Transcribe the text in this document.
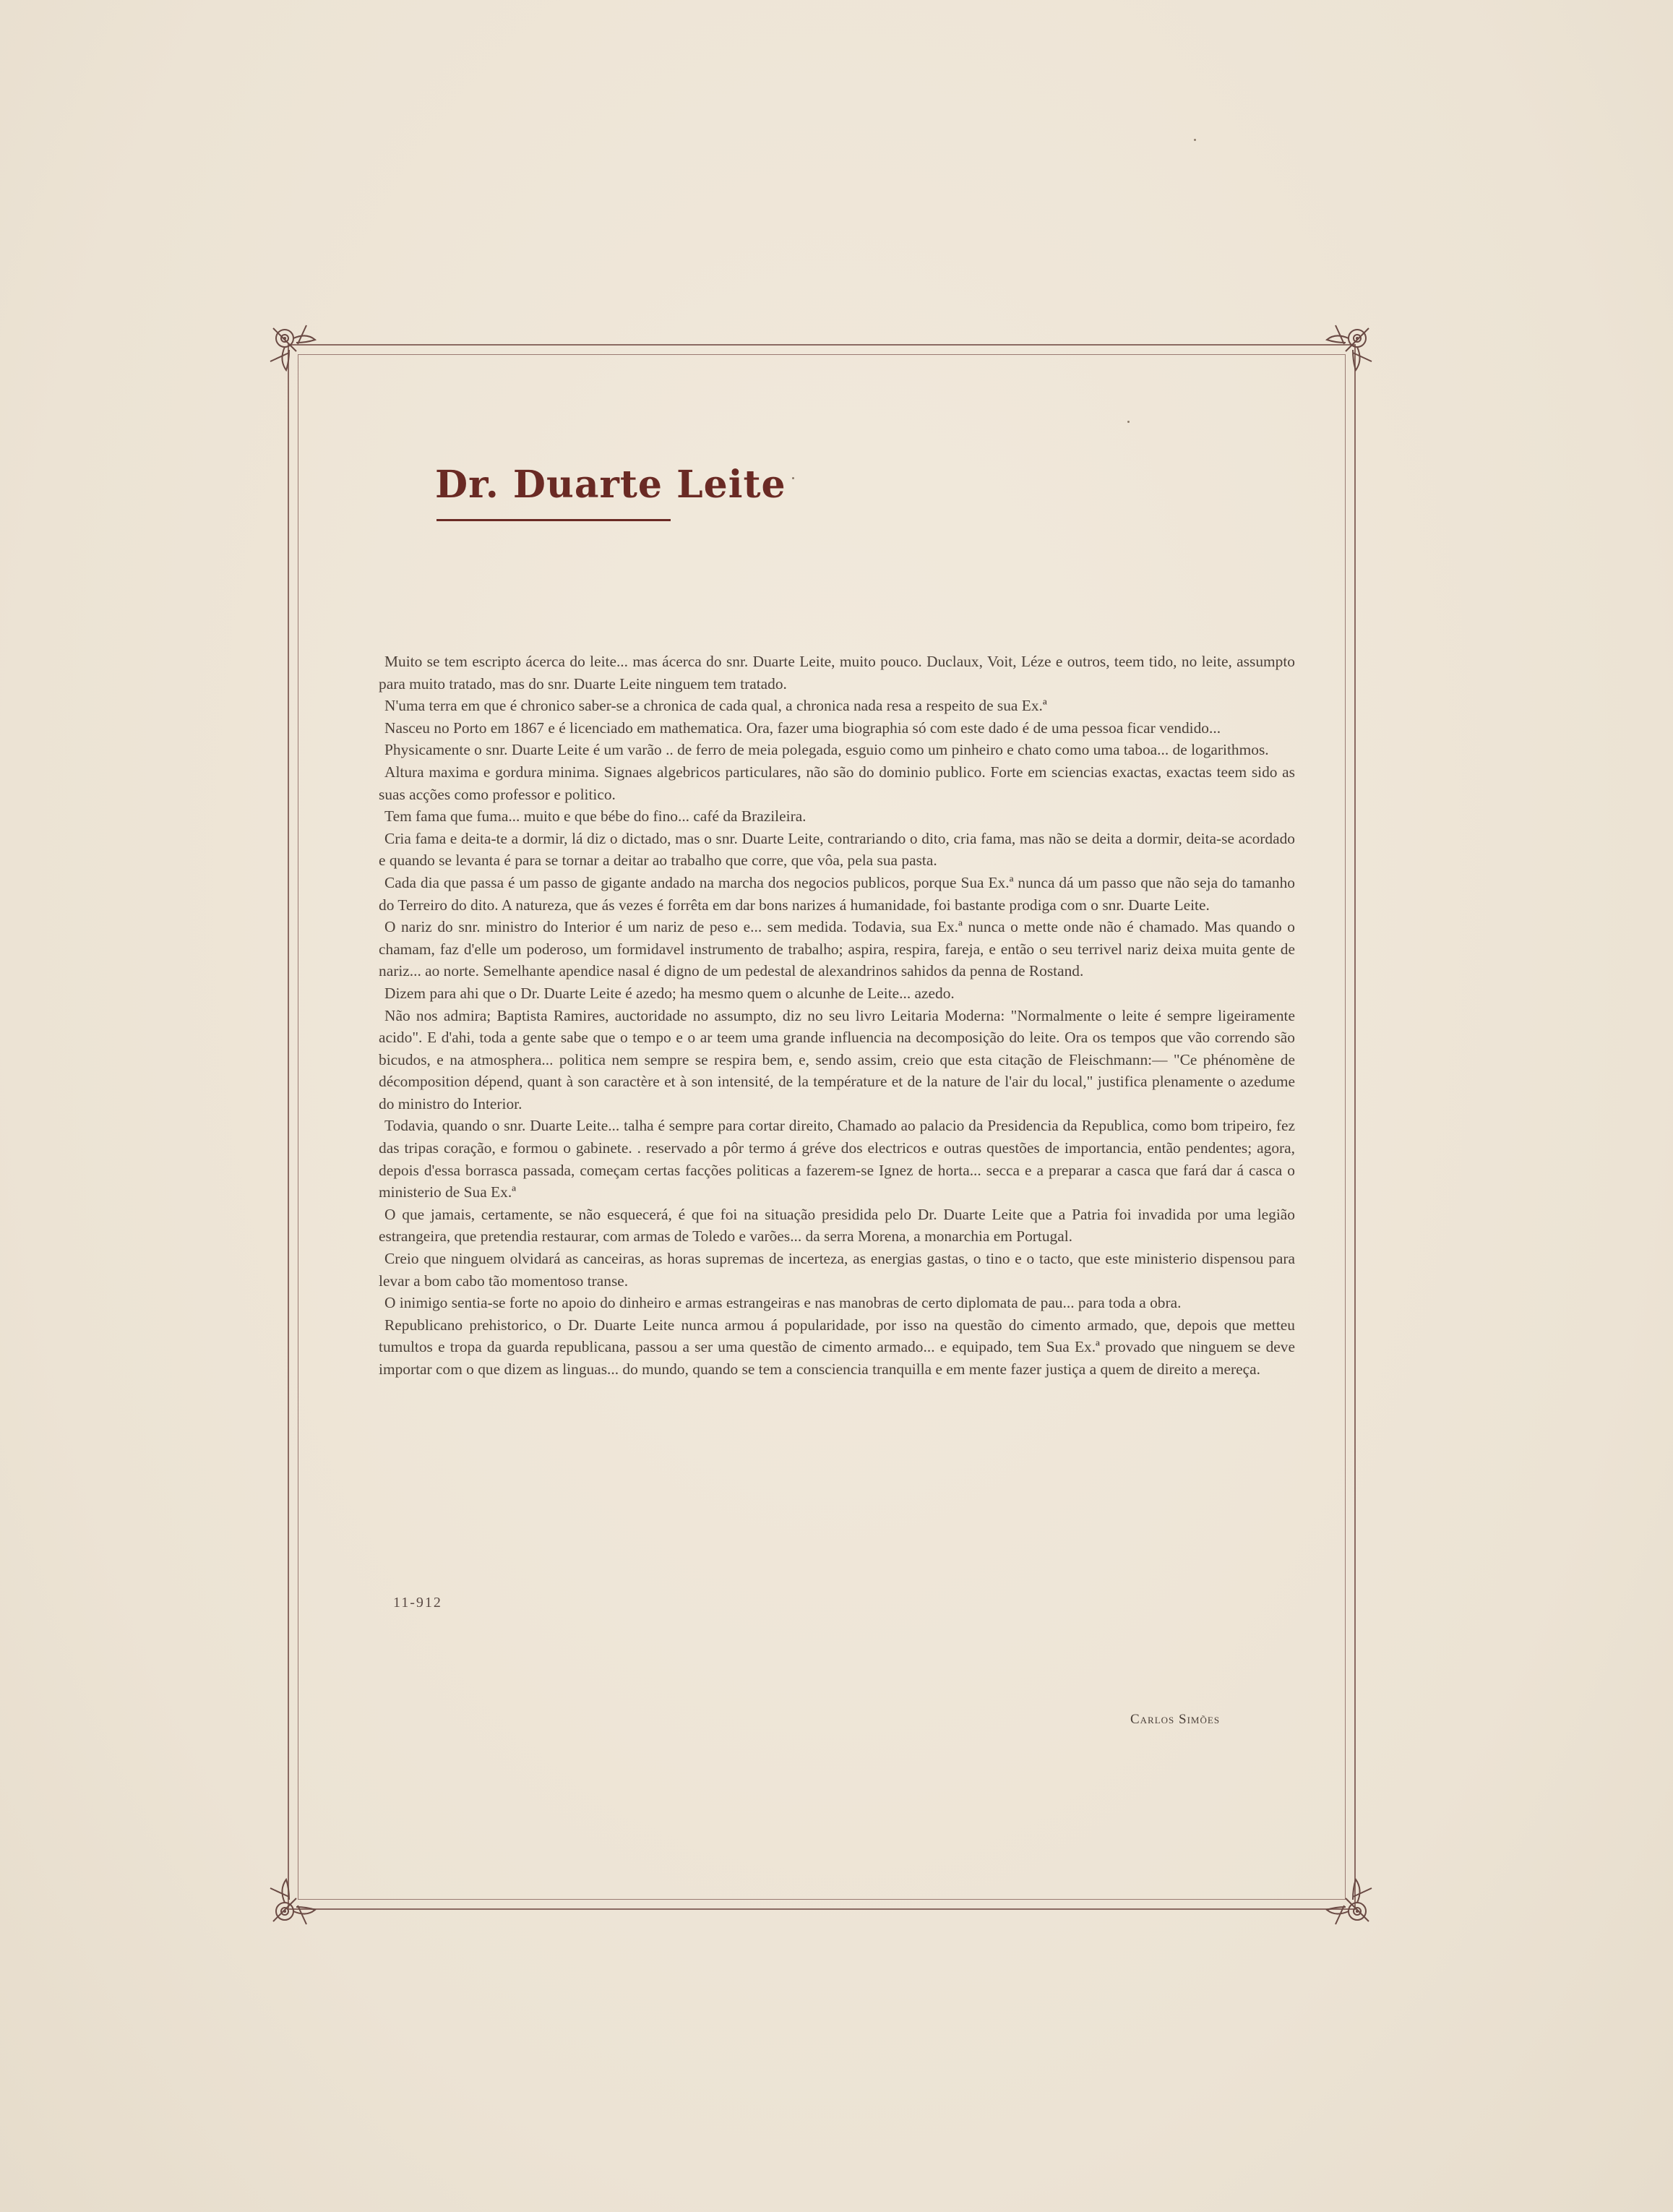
Dr. Duarte Leite

Muito se tem escripto ácerca do leite... mas ácerca do snr. Duarte Leite, muito pouco. Duclaux, Voit, Léze e outros, teem tido, no leite, assumpto para muito tratado, mas do snr. Duarte Leite ninguem tem tratado.

N'uma terra em que é chronico saber-se a chronica de cada qual, a chronica nada resa a respeito de sua Ex.ª

Nasceu no Porto em 1867 e é licenciado em mathematica. Ora, fazer uma biographia só com este dado é de uma pessoa ficar vendido...

Physicamente o snr. Duarte Leite é um varão .. de ferro de meia polegada, esguio como um pinheiro e chato como uma taboa... de logarithmos.

Altura maxima e gordura minima. Signaes algebricos particulares, não são do dominio publico. Forte em sciencias exactas, exactas teem sido as suas acções como professor e politico.

Tem fama que fuma... muito e que bébe do fino... café da Brazileira.

Cria fama e deita-te a dormir, lá diz o dictado, mas o snr. Duarte Leite, contrariando o dito, cria fama, mas não se deita a dormir, deita-se acordado e quando se levanta é para se tornar a deitar ao trabalho que corre, que vôa, pela sua pasta.

Cada dia que passa é um passo de gigante andado na marcha dos negocios publicos, porque Sua Ex.ª nunca dá um passo que não seja do tamanho do Terreiro do dito. A natureza, que ás vezes é forrêta em dar bons narizes á humanidade, foi bastante prodiga com o snr. Duarte Leite.

O nariz do snr. ministro do Interior é um nariz de peso e... sem medida. Todavia, sua Ex.ª nunca o mette onde não é chamado. Mas quando o chamam, faz d'elle um poderoso, um formidavel instrumento de trabalho; aspira, respira, fareja, e então o seu terrivel nariz deixa muita gente de nariz... ao norte. Semelhante apendice nasal é digno de um pedestal de alexandrinos sahidos da penna de Rostand.

Dizem para ahi que o Dr. Duarte Leite é azedo; ha mesmo quem o alcunhe de Leite... azedo.

Não nos admira; Baptista Ramires, auctoridade no assumpto, diz no seu livro Leitaria Moderna: "Normalmente o leite é sempre ligeiramente acido". E d'ahi, toda a gente sabe que o tempo e o ar teem uma grande influencia na decomposição do leite. Ora os tempos que vão correndo são bicudos, e na atmosphera... politica nem sempre se respira bem, e, sendo assim, creio que esta citação de Fleischmann:— "Ce phénomène de décomposition dépend, quant à son caractère et à son intensité, de la température et de la nature de l'air du local," justifica plenamente o azedume do ministro do Interior.

Todavia, quando o snr. Duarte Leite... talha é sempre para cortar direito, Chamado ao palacio da Presidencia da Republica, como bom tripeiro, fez das tripas coração, e formou o gabinete. . reservado a pôr termo á gréve dos electricos e outras questões de importancia, então pendentes; agora, depois d'essa borrasca passada, começam certas facções politicas a fazerem-se Ignez de horta... secca e a preparar a casca que fará dar á casca o ministerio de Sua Ex.ª

O que jamais, certamente, se não esquecerá, é que foi na situação presidida pelo Dr. Duarte Leite que a Patria foi invadida por uma legião estrangeira, que pretendia restaurar, com armas de Toledo e varões... da serra Morena, a monarchia em Portugal.

Creio que ninguem olvidará as canceiras, as horas supremas de incerteza, as energias gastas, o tino e o tacto, que este ministerio dispensou para levar a bom cabo tão momentoso transe.

O inimigo sentia-se forte no apoio do dinheiro e armas estrangeiras e nas manobras de certo diplomata de pau... para toda a obra.

Republicano prehistorico, o Dr. Duarte Leite nunca armou á popularidade, por isso na questão do cimento armado, que, depois que metteu tumultos e tropa da guarda republicana, passou a ser uma questão de cimento armado... e equipado, tem Sua Ex.ª provado que ninguem se deve importar com o que dizem as linguas... do mundo, quando se tem a consciencia tranquilla e em mente fazer justiça a quem de direito a mereça.

11-912
Carlos Simões
